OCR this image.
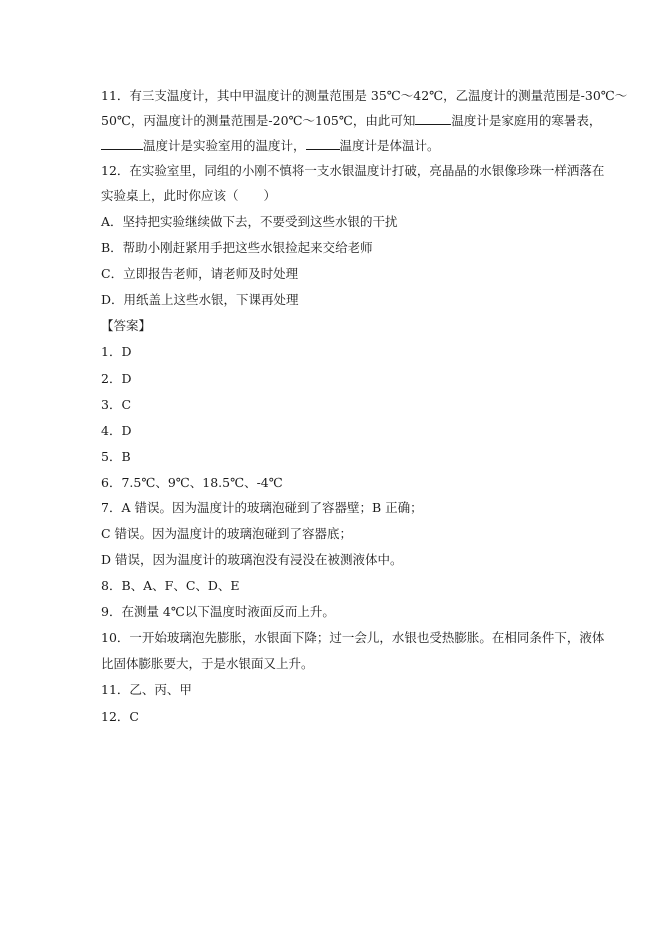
11．有三支温度计，其中甲温度计的测量范围是 35℃～42℃，乙温度计的测量范围是-30℃～
50℃，丙温度计的测量范围是-20℃～105℃，由此可知	温度计是家庭用的寒暑表，
温度计是实验室用的温度计，	温度计是体温计。
12．在实验室里，同组的小刚不慎将一支水银温度计打破，亮晶晶的水银像珍珠一样洒落在
实验桌上，此时你应该（　　）
A．坚持把实验继续做下去，不要受到这些水银的干扰
B．帮助小刚赶紧用手把这些水银捡起来交给老师
C．立即报告老师，请老师及时处理
D．用纸盖上这些水银，下课再处理
【答案】
1．D
2．D
3．C
4．D
5．B
6．7.5℃、9℃、18.5℃、-4℃
7．A 错误。因为温度计的玻璃泡碰到了容器壁；B 正确；
C 错误。因为温度计的玻璃泡碰到了容器底；
D 错误，因为温度计的玻璃泡没有浸没在被测液体中。
8．B、A、F、C、D、E
9．在测量 4℃以下温度时液面反而上升。
10．一开始玻璃泡先膨胀，水银面下降；过一会儿，水银也受热膨胀。在相同条件下，液体
比固体膨胀要大，于是水银面又上升。
11．乙、丙、甲
12．C
